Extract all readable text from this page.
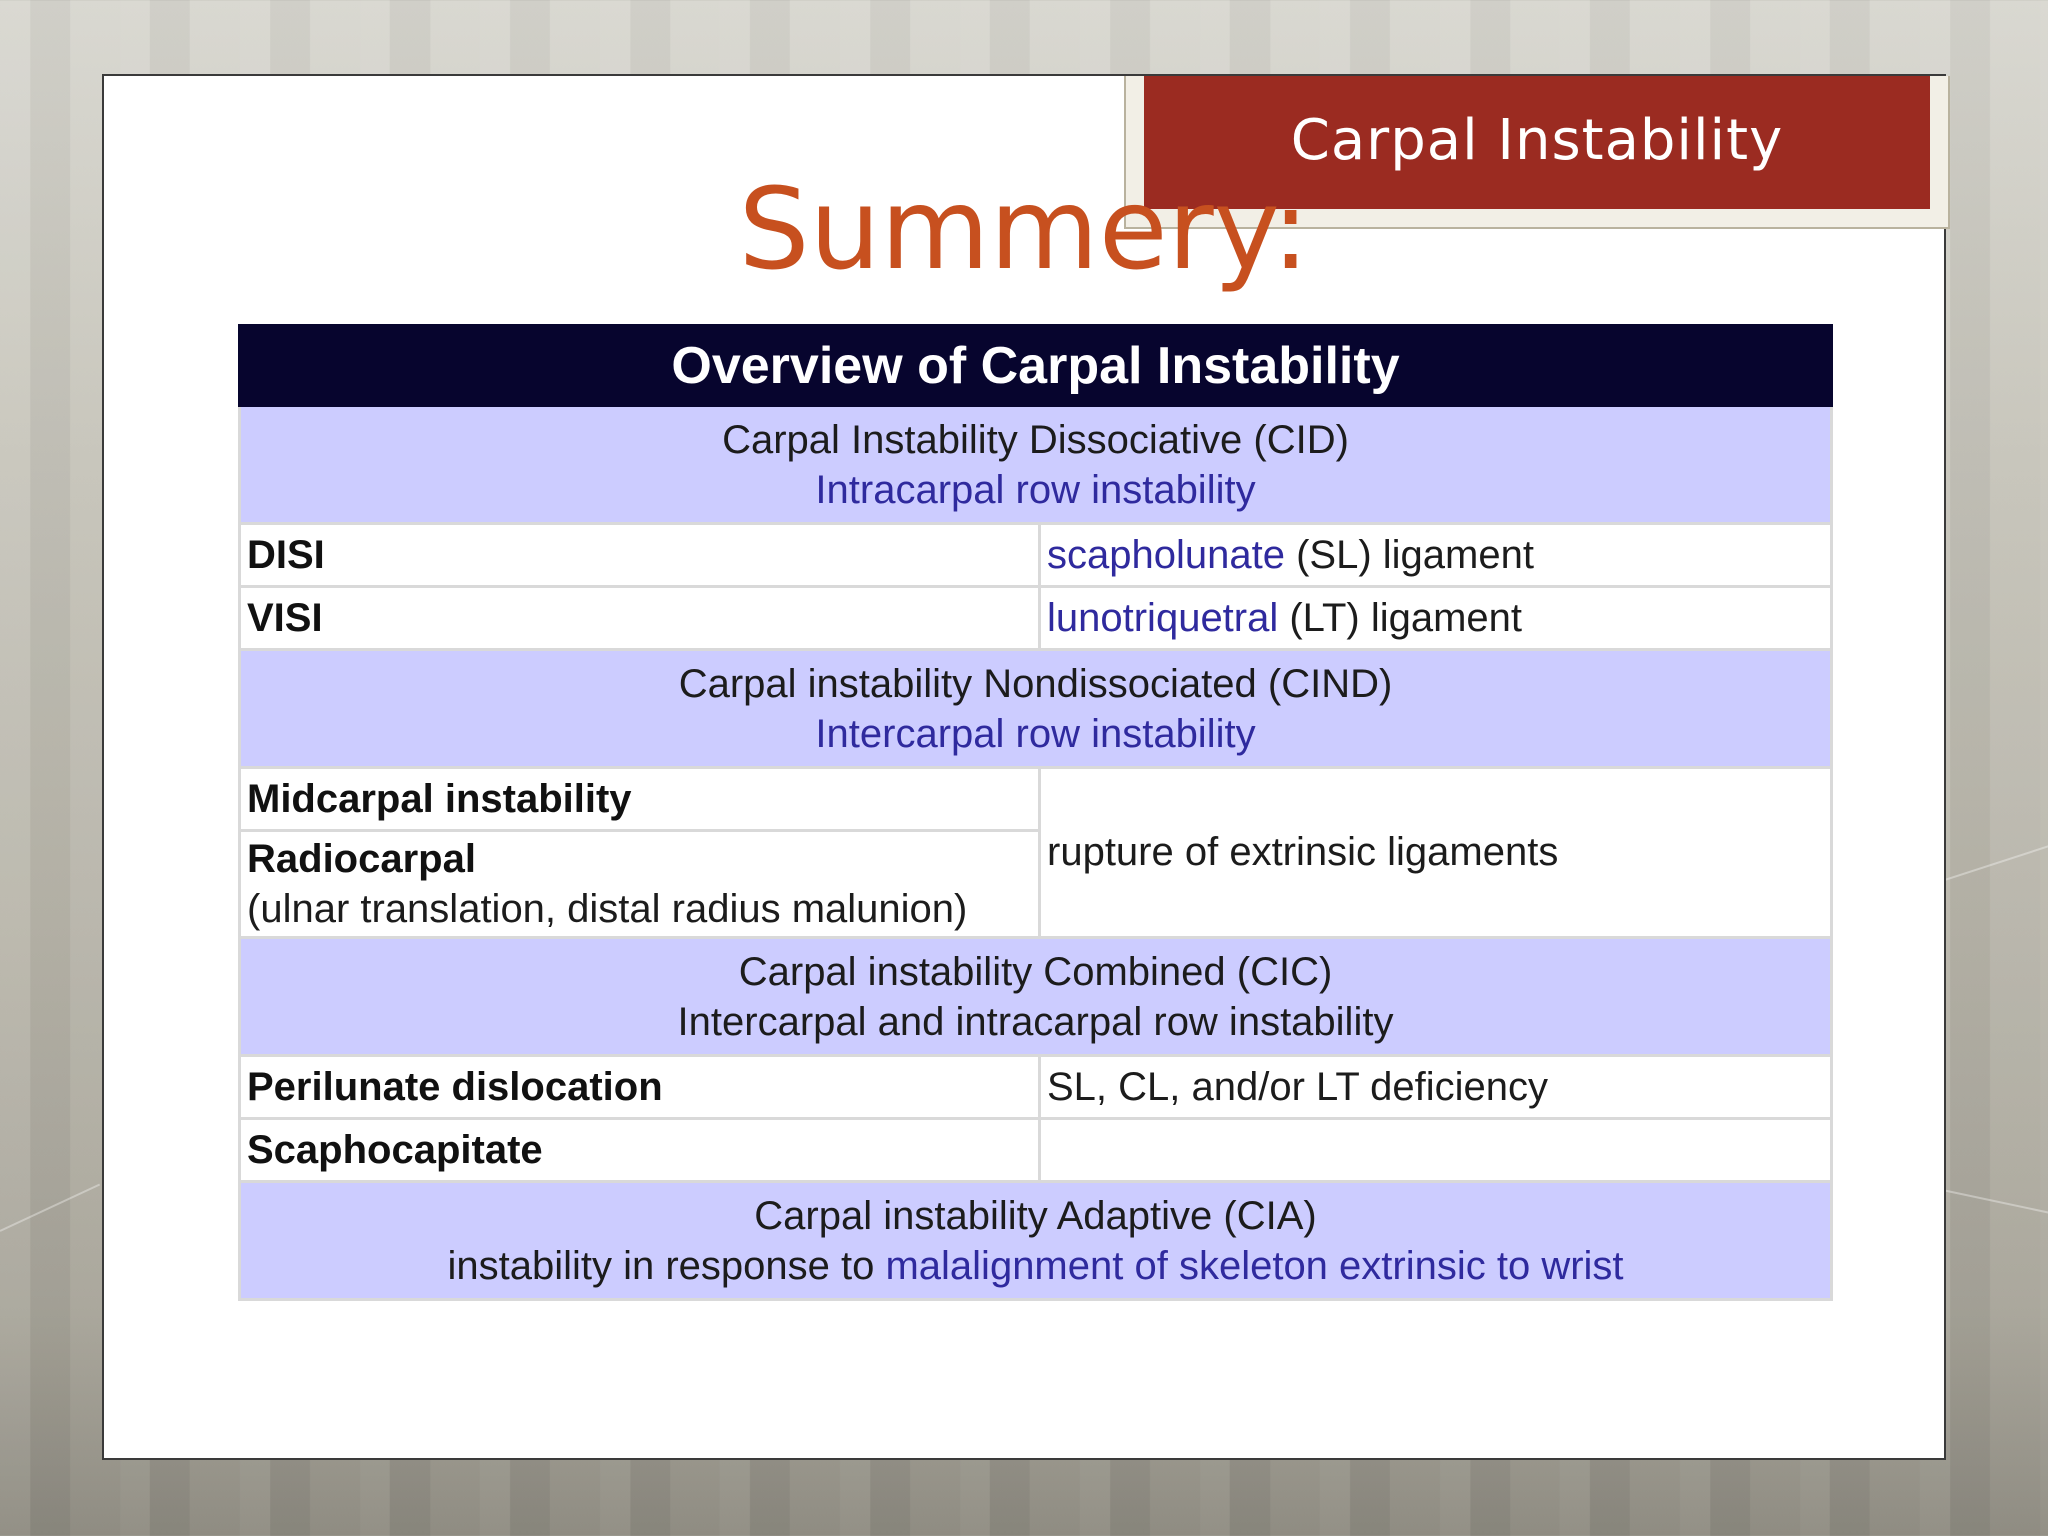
Carpal Instability
Summery:
Overview of Carpal Instability	

Carpal Instability Dissociative (CID)
Intracarpal row instability	

DISI	scapholunate (SL) ligament
VISI	lunotriquetral (LT) ligament

Carpal instability Nondissociated (CIND)
Intercarpal row instability	

Midcarpal instability	rupture of extrinsic ligaments

Radiocarpal
(ulnar translation, distal radius malunion)	

Carpal instability Combined (CIC)
Intercarpal and intracarpal row instability	

Perilunate dislocation	SL, CL, and/or LT deficiency
Scaphocapitate	

Carpal instability Adaptive (CIA)
instability in response to malalignment of skeleton extrinsic to wrist	
